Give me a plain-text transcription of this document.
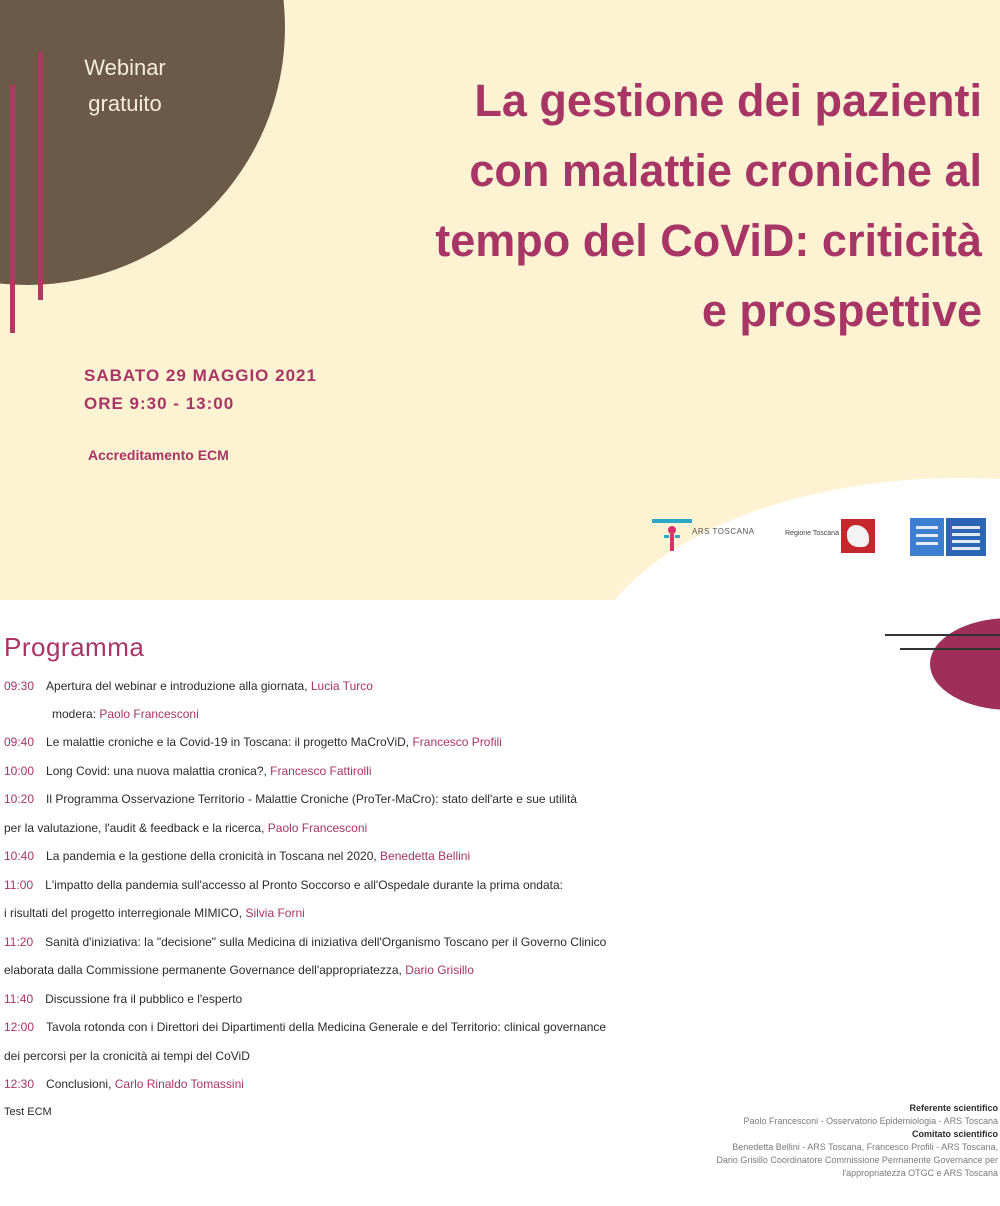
Webinar
gratuito	La gestione dei pazienti
con malattie croniche al
tempo del CoViD: criticità
e prospettive
SABATO 29 MAGGIO 2021
ORE 9:30 - 13:00
Accreditamento ECM
ARS TOSCANA	Regione Toscana
Programma
09:30 Apertura del webinar e introduzione alla giornata, Lucia Turco
modera: Paolo Francesconi
09:40 Le malattie croniche e la Covid-19 in Toscana: il progetto MaCroViD, Francesco Profili
10:00 Long Covid: una nuova malattia cronica?, Francesco Fattirolli
10:20 Il Programma Osservazione Territorio - Malattie Croniche (ProTer-MaCro): stato dell'arte e sue utilità
per la valutazione, l'audit & feedback e la ricerca, Paolo Francesconi
10:40 La pandemia e la gestione della cronicità in Toscana nel 2020, Benedetta Bellini
11:00 L'impatto della pandemia sull'accesso al Pronto Soccorso e all'Ospedale durante la prima ondata:
i risultati del progetto interregionale MIMICO, Silvia Forni
11:20 Sanità d'iniziativa: la "decisione" sulla Medicina di iniziativa dell'Organismo Toscano per il Governo Clinico
elaborata dalla Commissione permanente Governance dell'appropriatezza, Dario Grisillo
11:40 Discussione fra il pubblico e l'esperto
12:00 Tavola rotonda con i Direttori dei Dipartimenti della Medicina Generale e del Territorio: clinical governance
dei percorsi per la cronicità ai tempi del CoViD
12:30 Conclusioni, Carlo Rinaldo Tomassini
Test ECM	Referente scientifico
Paolo Francesconi - Osservatorio Epidemiologia - ARS Toscana
Comitato scientifico
Benedetta Bellini - ARS Toscana, Francesco Profili - ARS Toscana,
Dario Grisillo Coordinatore Commissione Permanente Governance per
l'appropriatezza OTGC e ARS Toscana
